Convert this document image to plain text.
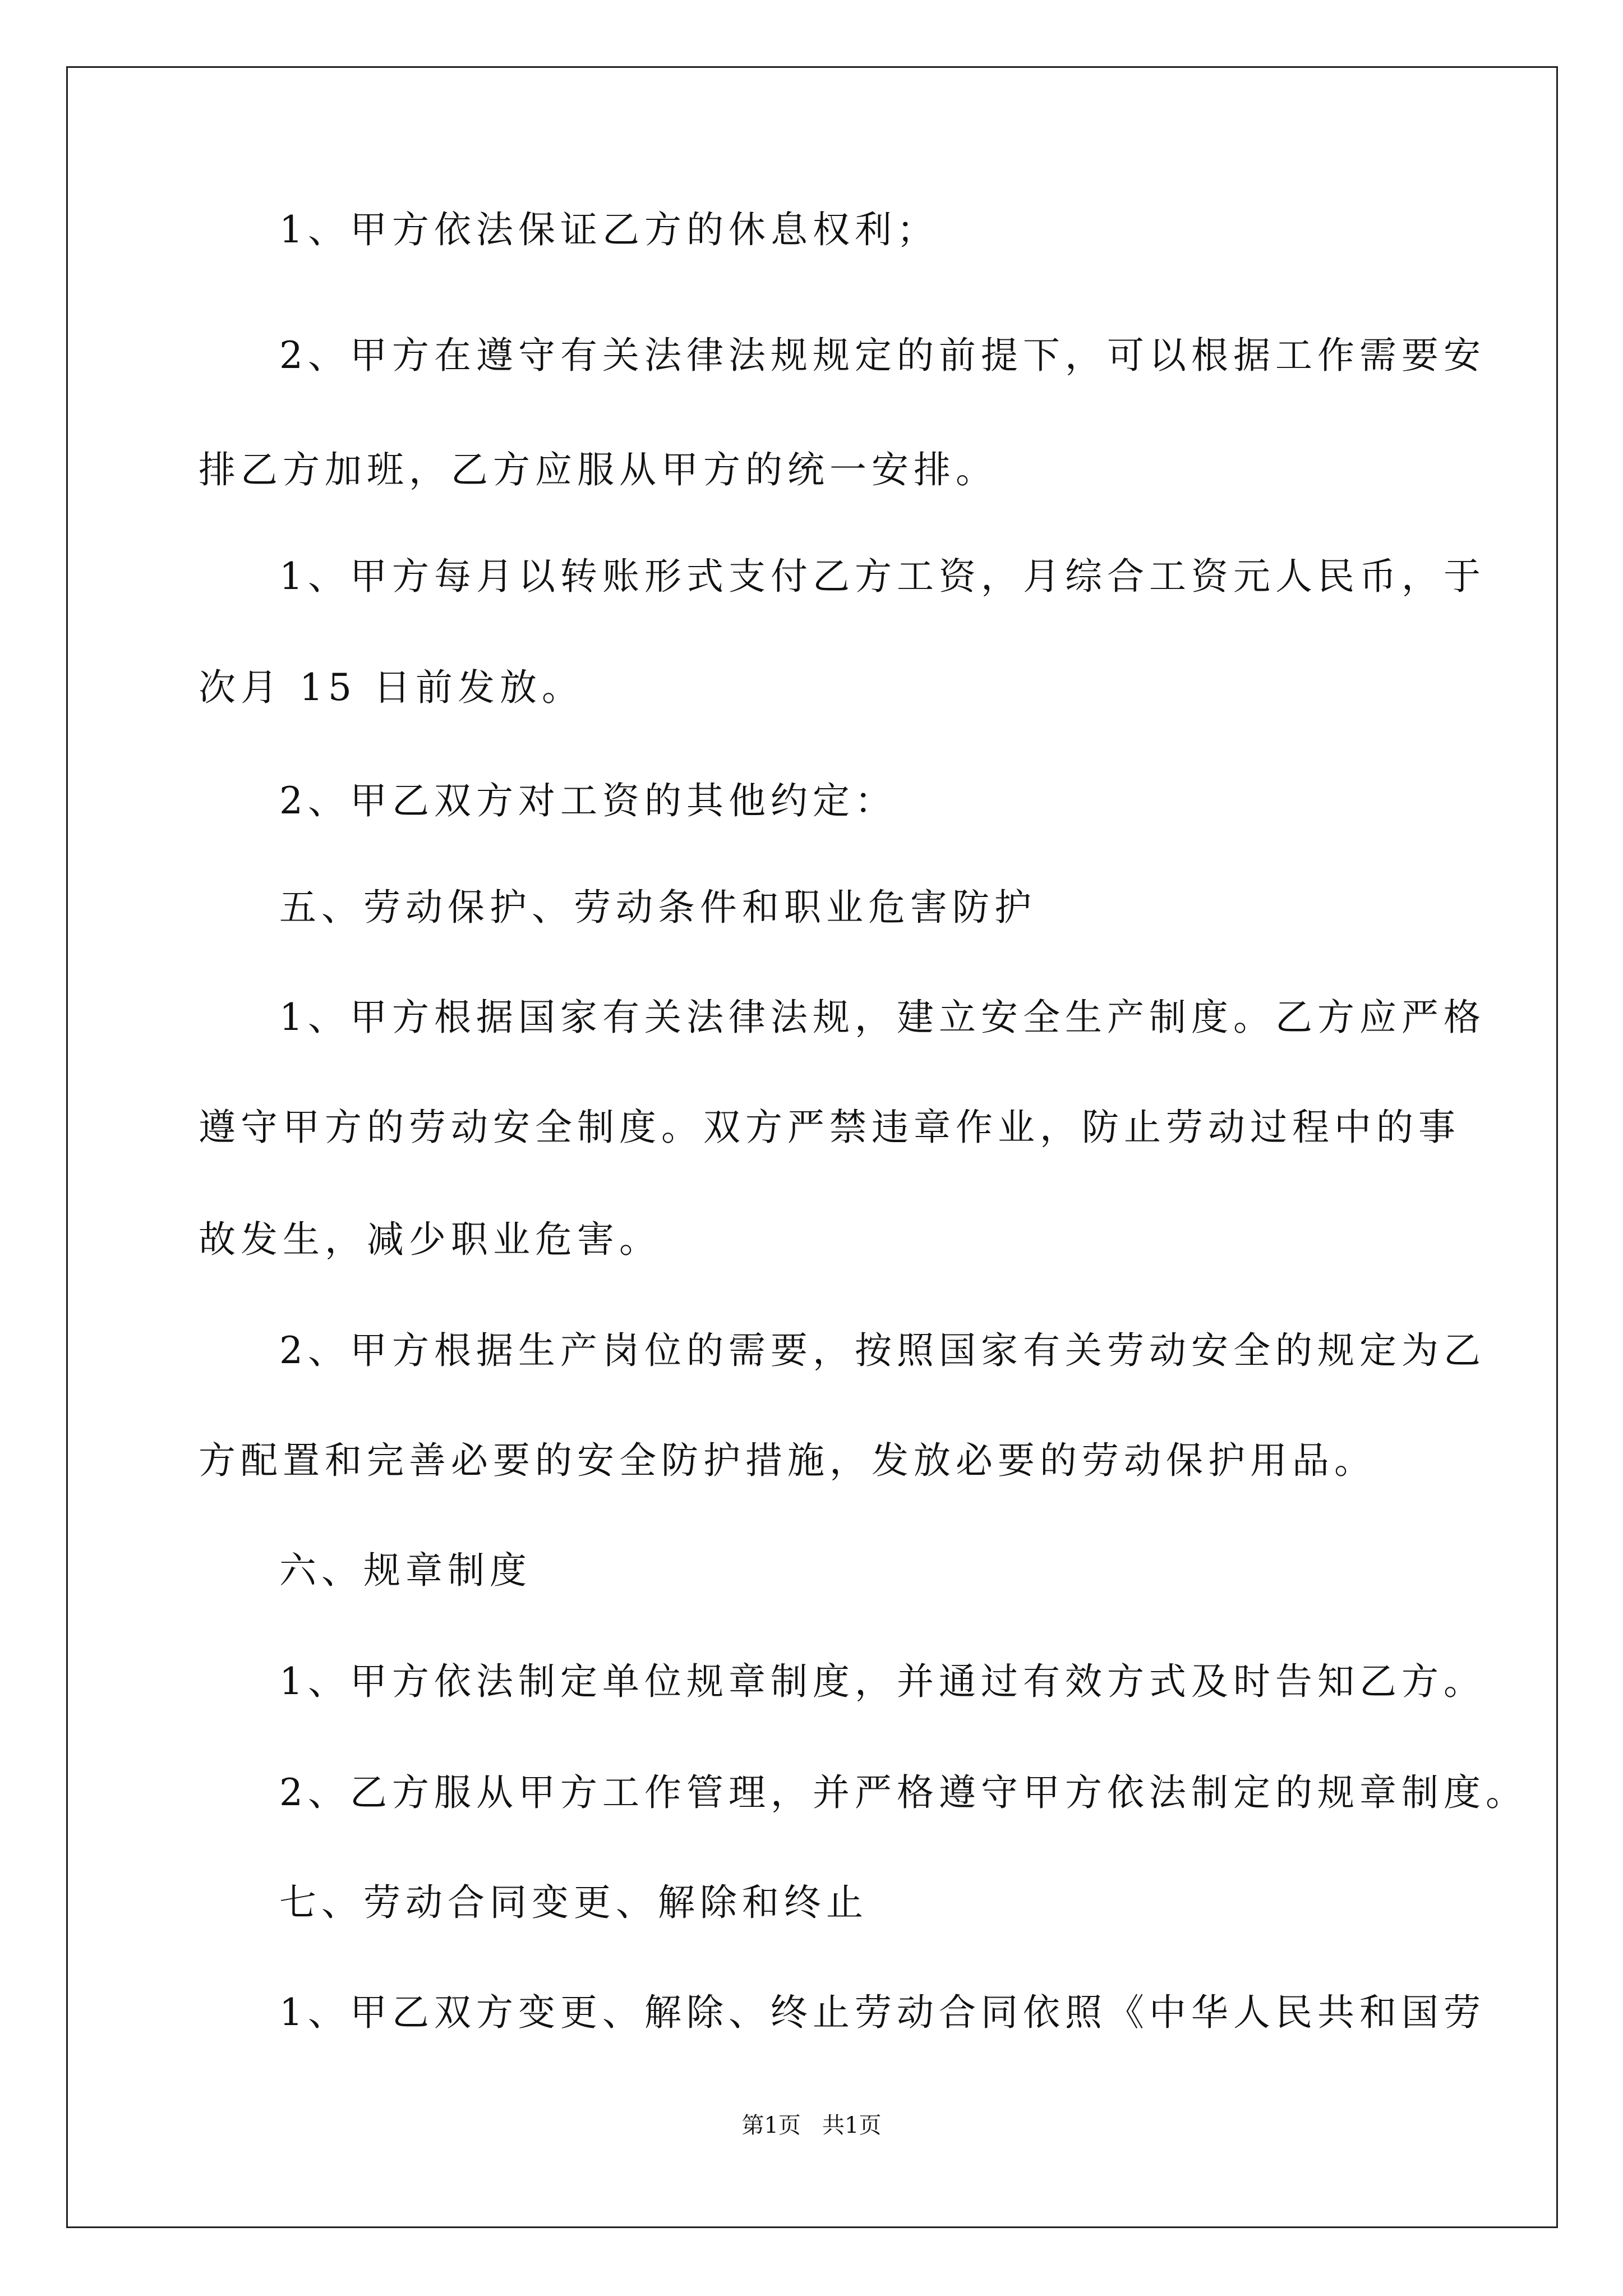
1、甲方依法保证乙方的休息权利；
2、甲方在遵守有关法律法规规定的前提下，可以根据工作需要安
排乙方加班，乙方应服从甲方的统一安排。
1、甲方每月以转账形式支付乙方工资，月综合工资元人民币，于
次月 15 日前发放。
2、甲乙双方对工资的其他约定：
五、劳动保护、劳动条件和职业危害防护
1、甲方根据国家有关法律法规，建立安全生产制度。乙方应严格
遵守甲方的劳动安全制度。双方严禁违章作业，防止劳动过程中的事
故发生，减少职业危害。
2、甲方根据生产岗位的需要，按照国家有关劳动安全的规定为乙
方配置和完善必要的安全防护措施，发放必要的劳动保护用品。
六、规章制度
1、甲方依法制定单位规章制度，并通过有效方式及时告知乙方。
2、乙方服从甲方工作管理，并严格遵守甲方依法制定的规章制度。
七、劳动合同变更、解除和终止
1、甲乙双方变更、解除、终止劳动合同依照《中华人民共和国劳
第1页   共1页
